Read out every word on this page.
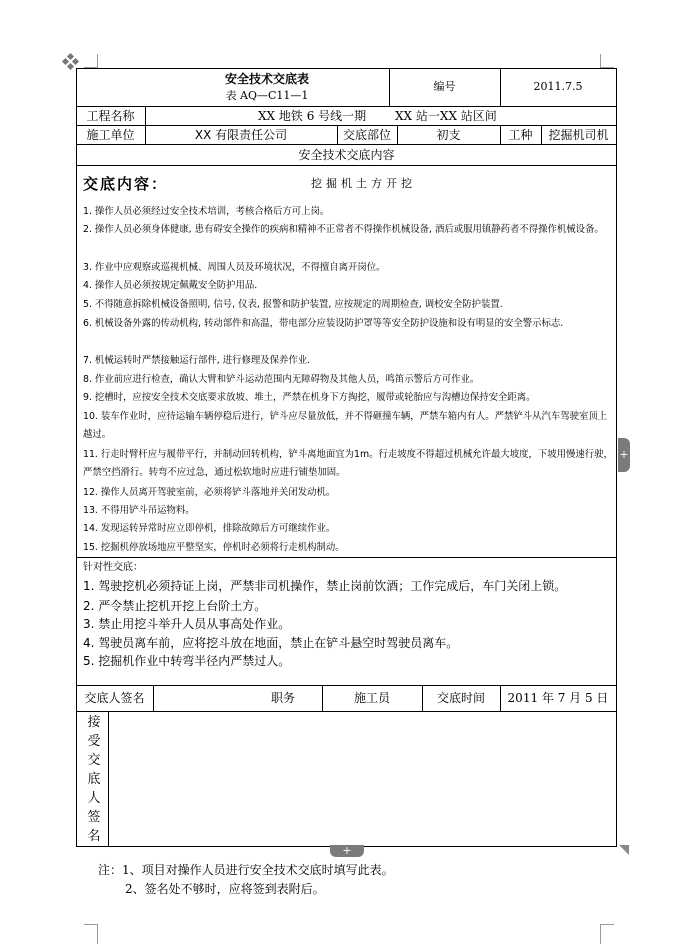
安全技术交底表
表 AQ—C11—1
编号	2011.7.5
工程名称	XX 地铁 6 号线一期 XX 站一XX 站区间
施工单位	XX 有限责任公司	交底部位	初支	工种	挖掘机司机
安全技术交底内容
交底内容：	挖掘机土方开挖
1. 操作人员必须经过安全技术培训，考核合格后方可上岗。
2. 操作人员必须身体健康, 患有碍安全操作的疾病和精神不正常者不得操作机械设备, 酒后或服用镇静药者不得操作机械设备。
3. 作业中应观察或巡视机械、周围人员及环境状况，不得擅自离开岗位。
4. 操作人员必须按规定佩戴安全防护用品.
5. 不得随意拆除机械设备照明, 信号, 仪表, 报警和防护装置, 应按规定的周期检查, 调校安全防护装置.
6. 机械设备外露的传动机构, 转动部件和高温，带电部分应装设防护罩等等安全防护设施和设有明显的安全警示标志.
7. 机械运转时严禁接触运行部件, 进行修理及保养作业.
8. 作业前应进行检查，确认大臂和铲斗运动范围内无障碍物及其他人员，鸣笛示警后方可作业。
9. 挖槽时，应按安全技术交底要求放坡、堆土，严禁在机身下方掏挖，履带或轮胎应与沟槽边保持安全距离。
10. 装车作业时，应待运输车辆停稳后进行，铲斗应尽量放低，并不得砸撞车辆，严禁车箱内有人。严禁铲斗从汽车驾驶室顶上越过。
11. 行走时臂杆应与履带平行，并制动回转机构，铲斗离地面宜为1m。行走坡度不得超过机械允许最大坡度，下坡用慢速行驶，严禁空挡滑行。转弯不应过急，通过松软地时应进行铺垫加固。
12. 操作人员离开驾驶室前，必须将铲斗落地并关闭发动机。
13. 不得用铲斗吊运物料。
14. 发现运转异常时应立即停机，排除故障后方可继续作业。
15. 挖掘机停放场地应平整坚实，停机时必须将行走机构制动。
针对性交底：
1. 驾驶挖机必须持证上岗，严禁非司机操作，禁止岗前饮酒；工作完成后，车门关闭上锁。
2. 严令禁止挖机开挖上台阶土方。
3. 禁止用挖斗举升人员从事高处作业。
4. 驾驶员离车前，应将挖斗放在地面，禁止在铲斗悬空时驾驶员离车。
5. 挖掘机作业中转弯半径内严禁过人。
交底人签名	职务	施工员	交底时间	2011 年 7 月 5 日
接
受
交
底
人
签
名
+
+
注：1、项目对操作人员进行安全技术交底时填写此表。
2、签名处不够时，应将签到表附后。
